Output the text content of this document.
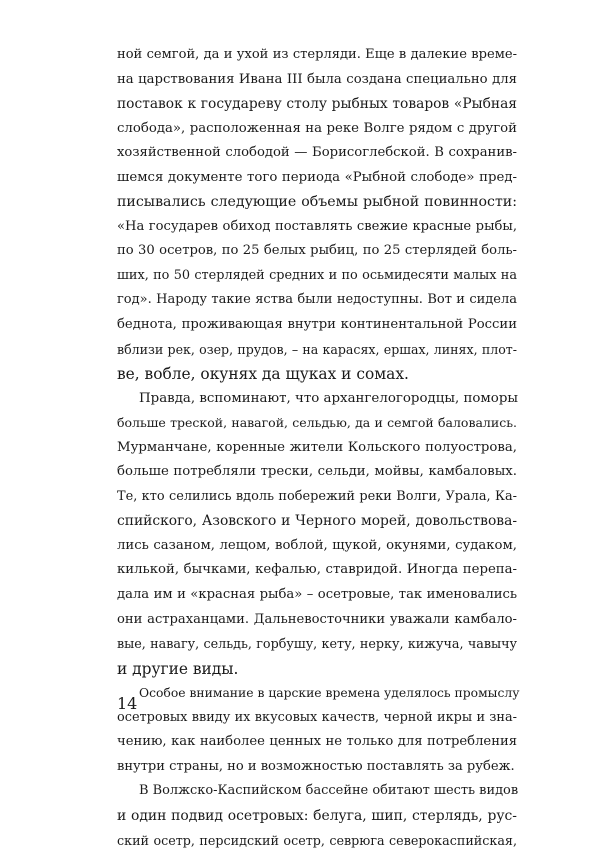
ной семгой, да и ухой из стерляди. Еще в далекие време-
на царствования Ивана III была создана специально для
поставок к государеву столу рыбных товаров «Рыбная
слобода», расположенная на реке Волге рядом с другой
хозяйственной слободой — Борисоглебской. В сохранив-
шемся документе того периода «Рыбной слободе» пред-
писывались следующие объемы рыбной повинности:
«На государев обиход поставлять свежие красные рыбы,
по 30 осетров, по 25 белых рыбиц, по 25 стерлядей боль-
ших, по 50 стерлядей средних и по осьмидесяти малых на
год». Народу такие яства были недоступны. Вот и сидела
беднота, проживающая внутри континентальной России
вблизи рек, озер, прудов, – на карасях, ершах, линях, плот-
ве, вобле, окунях да щуках и сомах.
Правда, вспоминают, что архангелогородцы, поморы
больше треской, навагой, сельдью, да и семгой баловались.
Мурманчане, коренные жители Кольского полуострова,
больше потребляли трески, сельди, мойвы, камбаловых.
Те, кто селились вдоль побережий реки Волги, Урала, Ка-
спийского, Азовского и Черного морей, довольствова-
лись сазаном, лещом, воблой, щукой, окунями, судаком,
килькой, бычками, кефалью, ставридой. Иногда перепа-
дала им и «красная рыба» – осетровые, так именовались
они астраханцами. Дальневосточники уважали камбало-
вые, навагу, сельдь, горбушу, кету, нерку, кижуча, чавычу
и другие виды.
Особое внимание в царские времена уделялось промыслу
осетровых ввиду их вкусовых качеств, черной икры и зна-
чению, как наиболее ценных не только для потребления
внутри страны, но и возможностью поставлять за рубеж.
В Волжско-Каспийском бассейне обитают шесть видов
и один подвид осетровых: белуга, шип, стерлядь, рус-
ский осетр, персидский осетр, севрюга северокаспийская,
14
